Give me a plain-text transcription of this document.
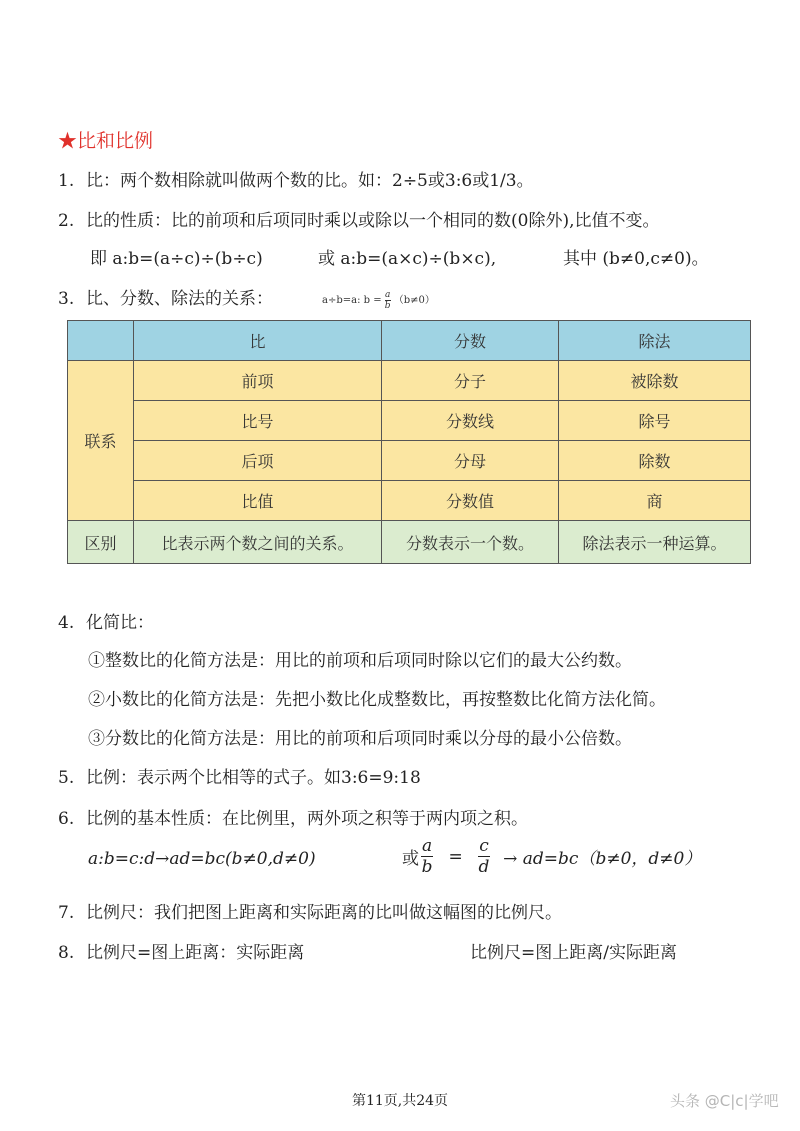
★比和比例
1. 比：两个数相除就叫做两个数的比。如：2÷5或3:6或1/3。
2. 比的性质：比的前项和后项同时乘以或除以一个相同的数(0除外),比值不变。
即 a:b=(a÷c)÷(b÷c)	或 a:b=(a×c)÷(b×c),	其中 (b≠0,c≠0)。
3. 比、分数、除法的关系：	a÷b=a: $b = \frac{a}{b} (b\ne 0)$
	比	分数	除法
联系	前项	分子	被除数
	比号	分数线	除号
	后项	分母	除数
	比值	分数值	商
区别	比表示两个数之间的关系。	分数表示一个数。	除法表示一种运算。
4. 化简比：
①整数比的化简方法是：用比的前项和后项同时除以它们的最大公约数。
②小数比的化简方法是：先把小数比化成整数比，再按整数比化简方法化简。
③分数比的化简方法是：用比的前项和后项同时乘以分母的最小公倍数。
5. 比例：表示两个比相等的式子。如3:6=9:18
6. 比例的基本性质：在比例里，两外项之积等于两内项之积。
a:b=c:d→ad=bc(b≠0,d≠0)	或 $\frac{a}{b} = \frac{c}{d} \to ad=bc(b\ne 0$，d≠0）
7. 比例尺：我们把图上距离和实际距离的比叫做这幅图的比例尺。
8. 比例尺=图上距离：实际距离	比例尺=图上距离/实际距离
第11页,共24页	头条 @C|c|学吧
